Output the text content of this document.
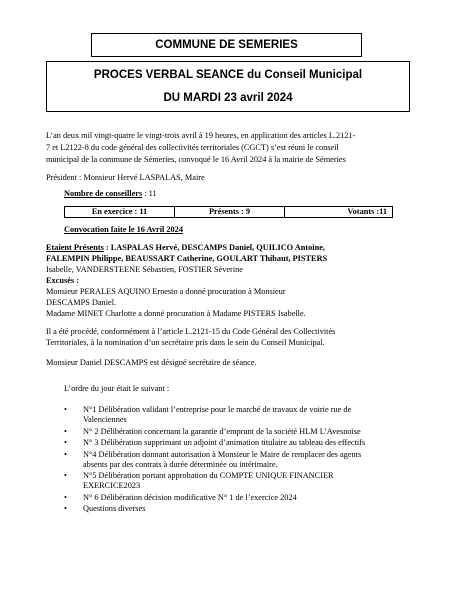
COMMUNE DE SEMERIES
PROCES VERBAL SEANCE du Conseil Municipal
DU MARDI 23 avril 2024
L’an deux mil vingt-quatre le vingt-trois avril à 19 heures, en application des articles L.2121-
7 et L2122-8 du code général des collectivités territoriales (CGCT) s’est réuni le conseil
municipal de la commune de Sémeries, convoqué le 16 Avril 2024 à la mairie de Sémeries
Président : Monsieur Hervé LASPALAS, Maire
Nombre de conseillers : 11
En exercice : 11	Présents : 9	Votants :11
Convocation faite le 16 Avril 2024
Etaient Présents : LASPALAS Hervé, DESCAMPS Daniel, QUILICO Antoine,
FALEMPIN Philippe, BEAUSSART Catherine, GOULART Thibaut, PISTERS
Isabelle, VANDERSTEENE Sébastien, FOSTIER Séverine
Excusés :
Monsieur PERALES AQUINO Ernesto a donné procuration à Monsieur
DESCAMPS Daniel.
Madame MINET Charlotte a donné procuration à Madame PISTERS Isabelle.
Il a été procédé, conformément à l’article L.2121-15 du Code Général des Collectivités
Territoriales, à la nomination d’un secrétaire pris dans le sein du Conseil Municipal.
Monsieur Daniel DESCAMPS est désigné secrétaire de séance.
L’ordre du jour était le suivant :
• N°1 Délibération validant l’entreprise pour le marché de travaux de voirie rue de
Valenciennes
• N° 2 Délibération concernant la garantie d’emprunt de la société HLM L’Avesnoise
• N° 3 Délibération supprimant un adjoint d’animation titulaire au tableau des effectifs
• N°4 Délibération donnant autorisation à Monsieur le Maire de remplacer des agents
absents par des contrats à durée déterminée ou intérimaire.
• N°5 Délibération portant approbation du COMPTE UNIQUE FINANCIER
EXERCICE2023
• N° 6 Délibération décision modificative N° 1 de l’exercice 2024
• Questions diverses
